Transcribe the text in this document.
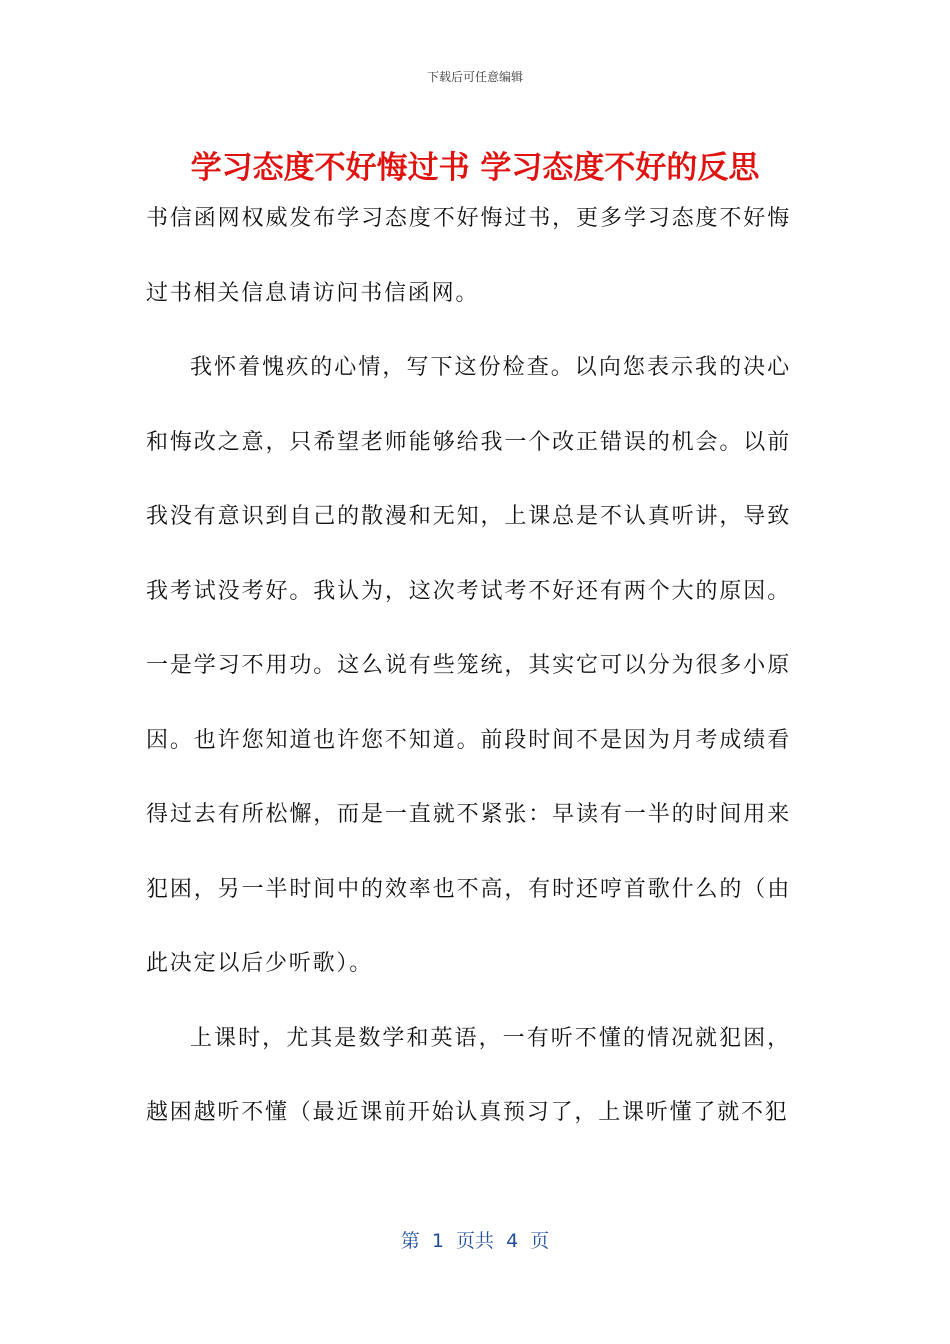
下载后可任意编辑
学习态度不好悔过书 学习态度不好的反思

书信函网权威发布学习态度不好悔过书，更多学习态度不好悔过书相关信息请访问书信函网。

我怀着愧疚的心情，写下这份检查。以向您表示我的决心和悔改之意，只希望老师能够给我一个改正错误的机会。以前我没有意识到自己的散漫和无知，上课总是不认真听讲，导致我考试没考好。我认为，这次考试考不好还有两个大的原因。一是学习不用功。这么说有些笼统，其实它可以分为很多小原因。也许您知道也许您不知道。前段时间不是因为月考成绩看得过去有所松懈，而是一直就不紧张：早读有一半的时间用来犯困，另一半时间中的效率也不高，有时还哼首歌什么的（由此决定以后少听歌）。

上课时，尤其是数学和英语，一有听不懂的情况就犯困，越困越听不懂（最近课前开始认真预习了，上课听懂了就不犯

第  1  页共  4  页
